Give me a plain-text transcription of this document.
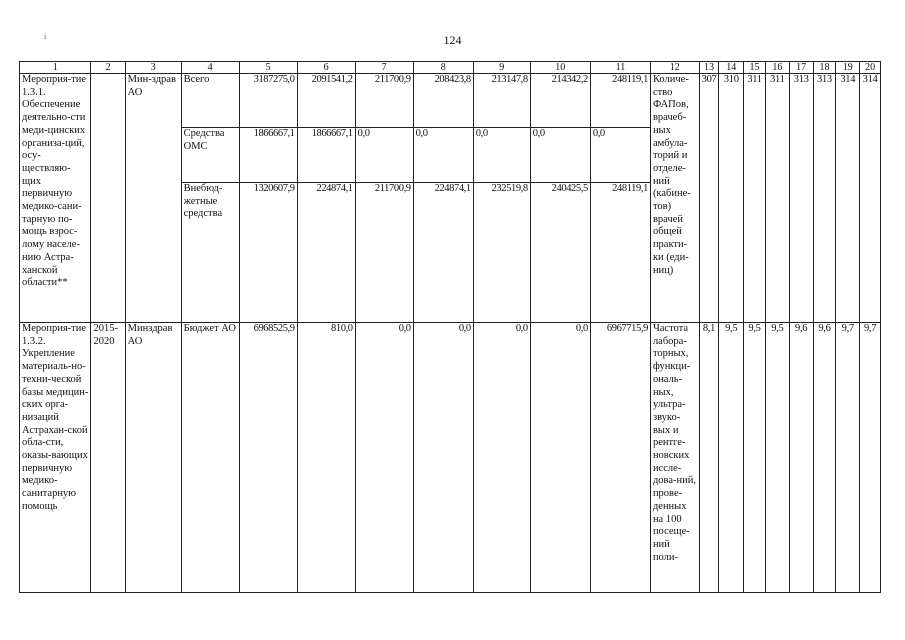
і	124
1	2	3	4	5	6	7	8	9	10	11	12	13	14	15	16	17	18	19	20
Мероприя-тие 1.3.1. Обеспечение деятельно-сти меди-цинских организа-ций, осу-ществляю-щих первичную медико-сани-тарную по-мощь взрос-лому населе-нию Астра-ханской области**		Мин-здрав АО	Всего	3187275,0	2091541,2	211700,9	208423,8	213147,8	214342,2	248119,1	Количе-ство ФАПов, врачеб-ных амбула-торий и отделе-ний (кабине-тов) врачей общей практи-ки (еди-ниц)	307	310	311	311	313	313	314	314
			Средства ОМС	1866667,1	1866667,1	0,0	0,0	0,0	0,0	0,0									
			Внебюд-жетные средства	1320607,9	224874,1	211700,9	224874,1	232519,8	240425,5	248119,1									
Мероприя-тие 1.3.2. Укрепление материаль-но-техни-ческой базы медицин-ских орга-низаций Астрахан-ской обла-сти, оказы-вающих первичную медико-санитарную помощь	2015-2020	Минздрав АО	Бюджет АО	6968525,9	810,0	0,0	0,0	0,0	0,0	6967715,9	Частота лабора-торных, функци-ональ-ных, ультра-звуко-вых и рентге-новских иссле-дова-ний, прове-денных на 100 посеще-ний поли-	8,1	9,5	9,5	9,5	9,6	9,6	9,7	9,7
